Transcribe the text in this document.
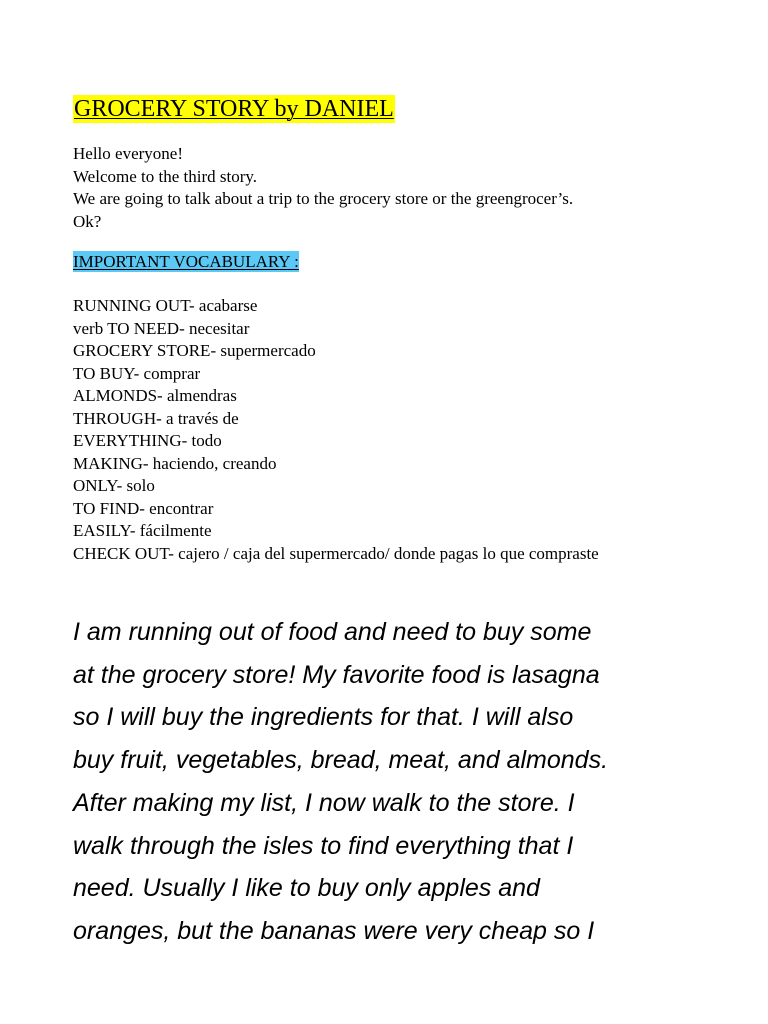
GROCERY STORY by DANIEL
Hello everyone!
Welcome to the third story.
We are going to talk about a trip to the grocery store or the greengrocer’s.
Ok?
IMPORTANT VOCABULARY :
RUNNING OUT- acabarse
verb TO NEED- necesitar
GROCERY STORE- supermercado
TO BUY- comprar
ALMONDS- almendras
THROUGH- a través de
EVERYTHING- todo
MAKING- haciendo, creando
ONLY- solo
TO FIND- encontrar
EASILY- fácilmente
CHECK OUT- cajero / caja del supermercado/ donde pagas lo que compraste
I am running out of food and need to buy some
at the grocery store! My favorite food is lasagna
so I will buy the ingredients for that. I will also
buy fruit, vegetables, bread, meat, and almonds.
After making my list, I now walk to the store. I
walk through the isles to find everything that I
need. Usually I like to buy only apples and
oranges, but the bananas were very cheap so I
